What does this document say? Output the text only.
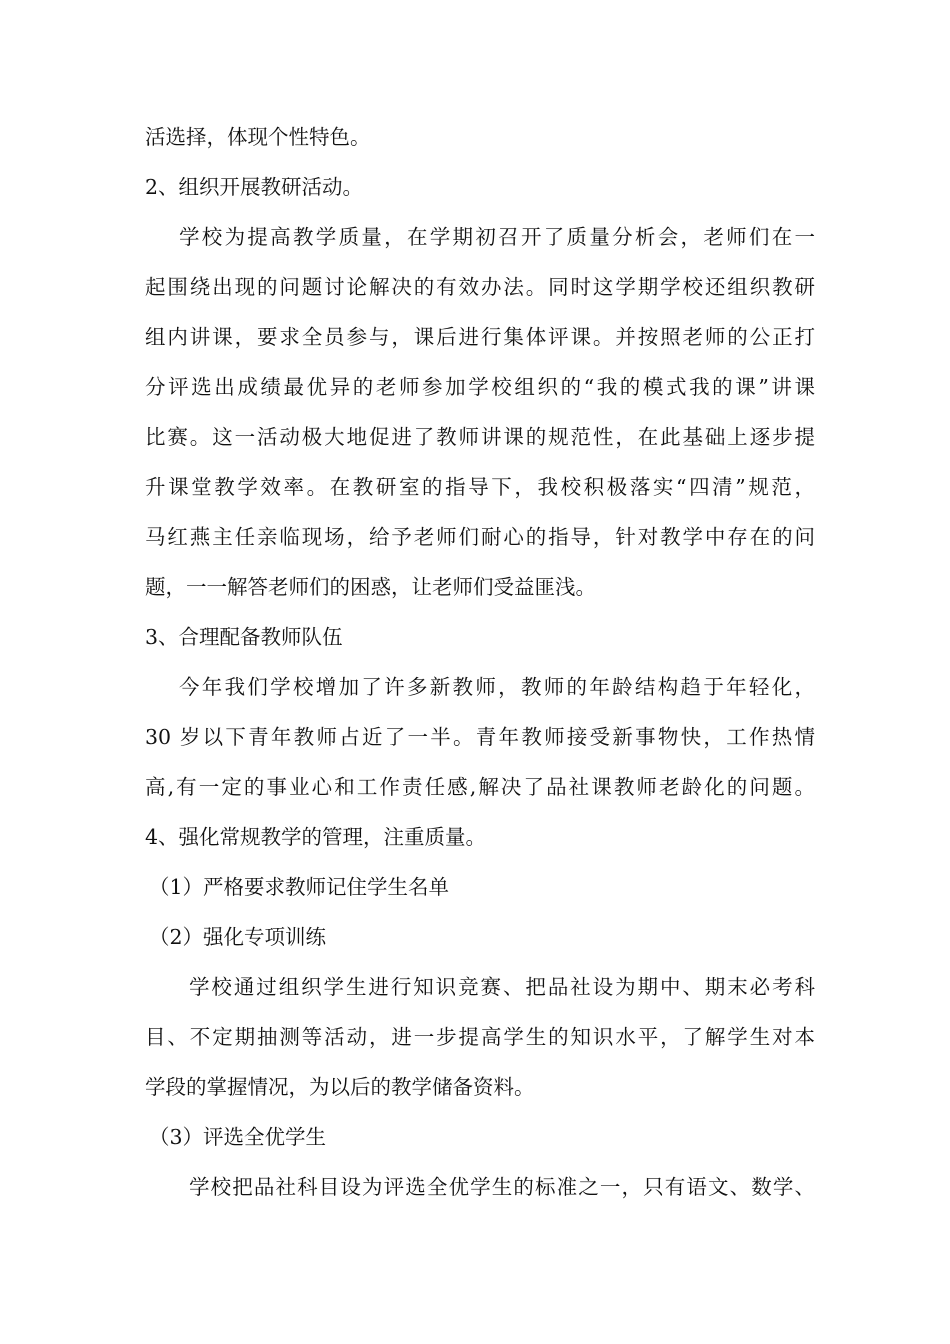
活选择，体现个性特色。
2、组织开展教研活动。
学校为提高教学质量，在学期初召开了质量分析会，老师们在一
起围绕出现的问题讨论解决的有效办法。同时这学期学校还组织教研
组内讲课，要求全员参与，课后进行集体评课。并按照老师的公正打
分评选出成绩最优异的老师参加学校组织的“我的模式我的课”讲课
比赛。这一活动极大地促进了教师讲课的规范性，在此基础上逐步提
升课堂教学效率。在教研室的指导下，我校积极落实“四清”规范，
马红燕主任亲临现场，给予老师们耐心的指导，针对教学中存在的问
题，一一解答老师们的困惑，让老师们受益匪浅。
3、合理配备教师队伍
今年我们学校增加了许多新教师，教师的年龄结构趋于年轻化，
30 岁以下青年教师占近了一半。青年教师接受新事物快，工作热情
高,有一定的事业心和工作责任感,解决了品社课教师老龄化的问题。
4、强化常规教学的管理，注重质量。
（1）严格要求教师记住学生名单
（2）强化专项训练
学校通过组织学生进行知识竞赛、把品社设为期中、期末必考科
目、不定期抽测等活动，进一步提高学生的知识水平，了解学生对本
学段的掌握情况，为以后的教学储备资料。
（3）评选全优学生
学校把品社科目设为评选全优学生的标准之一，只有语文、数学、
